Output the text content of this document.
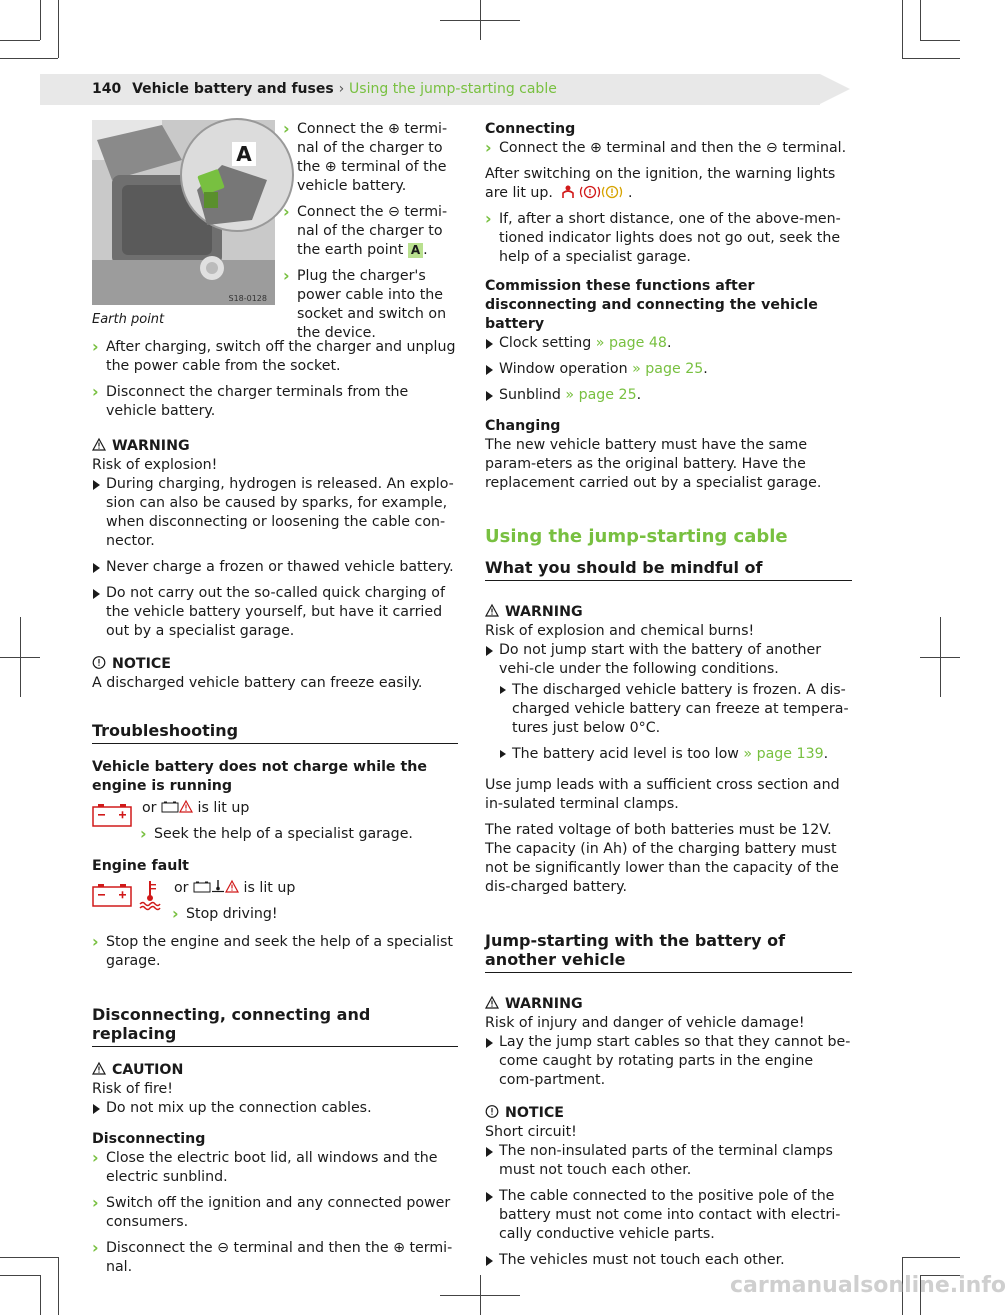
140 Vehicle battery and fuses › Using the jump-starting cable
A
S18-0128
Earth point
› Connect the ⊕ termi-nal of the charger to the ⊕ terminal of the vehicle battery.
› Connect the ⊖ termi-nal of the charger to the earth point A .
› Plug the charger's power cable into the socket and switch on the device.
› After charging, switch off the charger and unplug the power cable from the socket.
› Disconnect the charger terminals from the vehicle battery.

WARNING

Risk of explosion!

During charging, hydrogen is released. An explo-sion can also be caused by sparks, for example, when disconnecting or loosening the cable con-nector.
Never charge a frozen or thawed vehicle battery.
Do not carry out the so-called quick charging of the vehicle battery yourself, but have it carried out by a specialist garage.

NOTICE

A discharged vehicle battery can freeze easily.

Troubleshooting

Vehicle battery does not charge while the engine is running

or	is lit up
› Seek the help of a specialist garage.

Engine fault

or	is lit up
› Stop driving!
› Stop the engine and seek the help of a specialist garage.
Disconnecting, connecting and replacing

CAUTION

Risk of fire!

Do not mix up the connection cables.

Disconnecting

› Close the electric boot lid, all windows and the electric sunblind.
› Switch off the ignition and any connected power consumers.
› Disconnect the ⊖ terminal and then the ⊕ termi-nal.

Connecting

› Connect the ⊕ terminal and then the ⊖ terminal.

After switching on the ignition, the warning lights are lit up.	!	.

› If, after a short distance, one of the above-men-tioned indicator lights does not go out, seek the help of a specialist garage.

Commission these functions after disconnecting and connecting the vehicle battery

Clock setting » page 48.
Window operation » page 25.
Sunblind » page 25.

Changing

The new vehicle battery must have the same param-eters as the original battery. Have the replacement carried out by a specialist garage.

Using the jump-starting cable
What you should be mindful of

WARNING

Risk of explosion and chemical burns!

Do not jump start with the battery of another vehi-cle under the following conditions.
The discharged vehicle battery is frozen. A dis-charged vehicle battery can freeze at tempera-tures just below 0°C.
The battery acid level is too low » page 139.

Use jump leads with a sufficient cross section and in-sulated terminal clamps.

The rated voltage of both batteries must be 12V. The capacity (in Ah) of the charging battery must not be significantly lower than the capacity of the dis-charged battery.

Jump-starting with the battery of another vehicle

WARNING

Risk of injury and danger of vehicle damage!

Lay the jump start cables so that they cannot be-come caught by rotating parts in the engine com-partment.

NOTICE

Short circuit!

The non-insulated parts of the terminal clamps must not touch each other.
The cable connected to the positive pole of the battery must not come into contact with electri-cally conductive vehicle parts.
The vehicles must not touch each other.
carmanualsonline.info
